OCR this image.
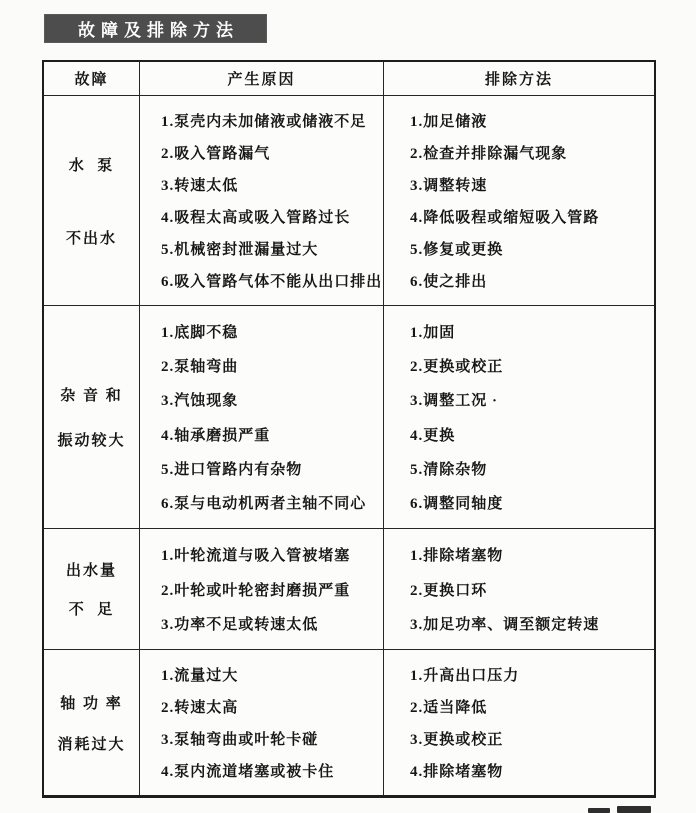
故障及排除方法
故障	产生原因	排除方法
水  泵
不出水
1.泵壳内未加储液或储液不足
2.吸入管路漏气
3.转速太低
4.吸程太高或吸入管路过长
5.机械密封泄漏量过大
6.吸入管路气体不能从出口排出
1.加足储液
2.检查并排除漏气现象
3.调整转速
4.降低吸程或缩短吸入管路
5.修复或更换
6.使之排出
杂 音 和
振动较大
1.底脚不稳
2.泵轴弯曲
3.汽蚀现象
4.轴承磨损严重
5.进口管路内有杂物
6.泵与电动机两者主轴不同心
1.加固
2.更换或校正
3.调整工况 ·
4.更换
5.清除杂物
6.调整同轴度
出水量
不  足
1.叶轮流道与吸入管被堵塞
2.叶轮或叶轮密封磨损严重
3.功率不足或转速太低
1.排除堵塞物
2.更换口环
3.加足功率、调至额定转速
轴 功 率
消耗过大
1.流量过大
2.转速太高
3.泵轴弯曲或叶轮卡碰
4.泵内流道堵塞或被卡住
1.升高出口压力
2.适当降低
3.更换或校正
4.排除堵塞物
